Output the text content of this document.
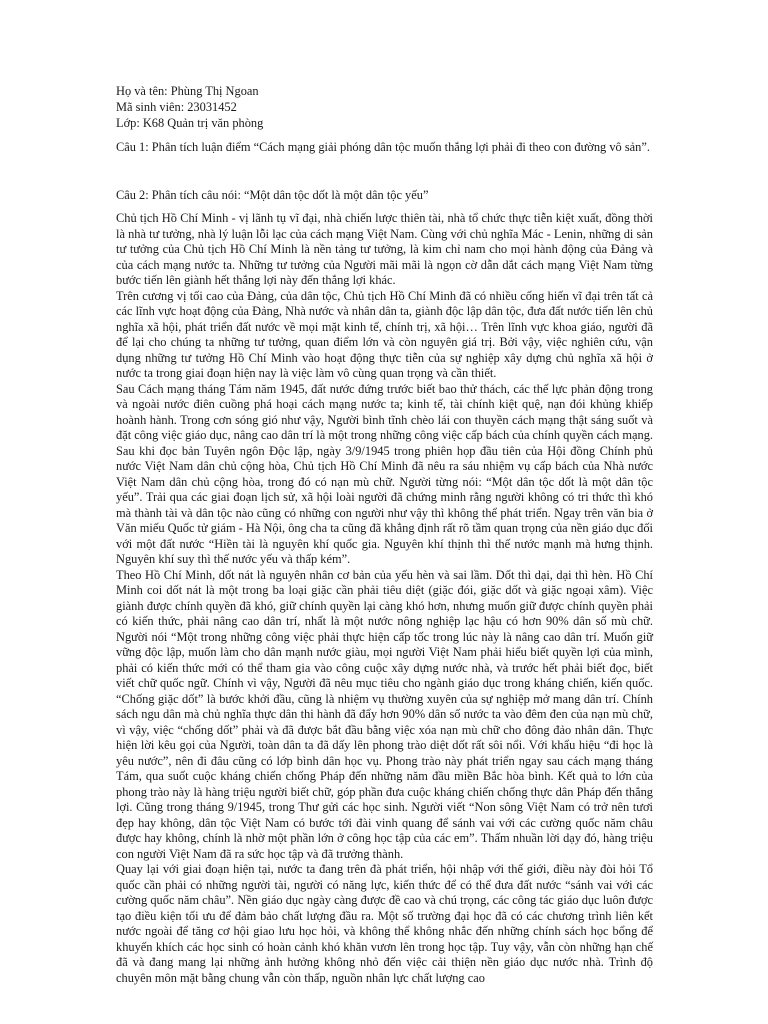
Họ và tên: Phùng Thị Ngoan
Mã sinh viên: 23031452
Lớp: K68 Quản trị văn phòng
Câu 1: Phân tích luận điểm “Cách mạng giải phóng dân tộc muốn thắng lợi phải đi theo con đường vô sản”.
Câu 2: Phân tích câu nói: “Một dân tộc dốt là một dân tộc yếu”

Chủ tịch Hồ Chí Minh - vị lãnh tụ vĩ đại, nhà chiến lược thiên tài, nhà tổ chức thực tiễn kiệt xuất, đồng thời là nhà tư tưởng, nhà lý luận lỗi lạc của cách mạng Việt Nam. Cùng với chủ nghĩa Mác - Lenin, những di sản tư tưởng của Chủ tịch Hồ Chí Minh là nền tảng tư tưởng, là kim chỉ nam cho mọi hành động của Đảng và của cách mạng nước ta. Những tư tưởng của Người mãi mãi là ngọn cờ dẫn dắt cách mạng Việt Nam từng bước tiến lên giành hết thắng lợi này đến thắng lợi khác.

Trên cương vị tối cao của Đảng, của dân tộc, Chủ tịch Hồ Chí Minh đã có nhiều cống hiến vĩ đại trên tất cả các lĩnh vực hoạt động của Đảng, Nhà nước và nhân dân ta, giành độc lập dân tộc, đưa đất nước tiến lên chủ nghĩa xã hội, phát triển đất nước về mọi mặt kinh tế, chính trị, xã hội… Trên lĩnh vực khoa giáo, người đã để lại cho chúng ta những tư tưởng, quan điểm lớn và còn nguyên giá trị. Bởi vậy, việc nghiên cứu, vận dụng những tư tưởng Hồ Chí Minh vào hoạt động thực tiễn của sự nghiệp xây dựng chủ nghĩa xã hội ở nước ta trong giai đoạn hiện nay là việc làm vô cùng quan trọng và cần thiết.

Sau Cách mạng tháng Tám năm 1945, đất nước đứng trước biết bao thử thách, các thế lực phản động trong và ngoài nước điên cuồng phá hoại cách mạng nước ta; kinh tế, tài chính kiệt quệ, nạn đói khủng khiếp hoành hành. Trong cơn sóng gió như vậy, Người bình tĩnh chèo lái con thuyền cách mạng thật sáng suốt và đặt công việc giáo dục, nâng cao dân trí là một trong những công việc cấp bách của chính quyền cách mạng. Sau khi đọc bản Tuyên ngôn Độc lập, ngày 3/9/1945 trong phiên họp đầu tiên của Hội đồng Chính phủ nước Việt Nam dân chủ cộng hòa, Chủ tịch Hồ Chí Minh đã nêu ra sáu nhiệm vụ cấp bách của Nhà nước Việt Nam dân chủ cộng hòa, trong đó có nạn mù chữ. Người từng nói: “Một dân tộc dốt là một dân tộc yếu”. Trải qua các giai đoạn lịch sử, xã hội loài người đã chứng minh rằng người không có tri thức thì khó mà thành tài và dân tộc nào cũng có những con người như vậy thì không thể phát triển. Ngay trên văn bia ở Văn miếu Quốc tử giám - Hà Nội, ông cha ta cũng đã khẳng định rất rõ tầm quan trọng của nền giáo dục đối với một đất nước “Hiền tài là nguyên khí quốc gia. Nguyên khí thịnh thì thế nước mạnh mà hưng thịnh. Nguyên khí suy thì thế nước yếu và thấp kém”.

Theo Hồ Chí Minh, dốt nát là nguyên nhân cơ bản của yếu hèn và sai lầm. Dốt thì dại, dại thì hèn. Hồ Chí Minh coi dốt nát là một trong ba loại giặc cần phải tiêu diệt (giặc đói, giặc dốt và giặc ngoại xâm). Việc giành được chính quyền đã khó, giữ chính quyền lại càng khó hơn, nhưng muốn giữ được chính quyền phải có kiến thức, phải nâng cao dân trí, nhất là một nước nông nghiệp lạc hậu có hơn 90% dân số mù chữ. Người nói “Một trong những công việc phải thực hiện cấp tốc trong lúc này là nâng cao dân trí. Muốn giữ vững độc lập, muốn làm cho dân mạnh nước giàu, mọi người Việt Nam phải hiểu biết quyền lợi của mình, phải có kiến thức mới có thể tham gia vào công cuộc xây dựng nước nhà, và trước hết phải biết đọc, biết viết chữ quốc ngữ. Chính vì vậy, Người đã nêu mục tiêu cho ngành giáo dục trong kháng chiến, kiến quốc. “Chống giặc dốt” là bước khởi đầu, cũng là nhiệm vụ thường xuyên của sự nghiệp mở mang dân trí. Chính sách ngu dân mà chủ nghĩa thực dân thi hành đã đẩy hơn 90% dân số nước ta vào đêm đen của nạn mù chữ, vì vậy, việc “chống dốt” phải và đã được bắt đầu bằng việc xóa nạn mù chữ cho đông đảo nhân dân. Thực hiện lời kêu gọi của Người, toàn dân ta đã dấy lên phong trào diệt dốt rất sôi nổi. Với khẩu hiệu “đi học là yêu nước”, nên đi đâu cũng có lớp bình dân học vụ. Phong trào này phát triển ngay sau cách mạng tháng Tám, qua suốt cuộc kháng chiến chống Pháp đến những năm đầu miền Bắc hòa bình. Kết quả to lớn của phong trào này là hàng triệu người biết chữ, góp phần đưa cuộc kháng chiến chống thực dân Pháp đến thắng lợi. Cũng trong tháng 9/1945, trong Thư gửi các học sinh. Người viết “Non sông Việt Nam có trở nên tươi đẹp hay không, dân tộc Việt Nam có bước tới đài vinh quang để sánh vai với các cường quốc năm châu được hay không, chính là nhờ một phần lớn ở công học tập của các em”. Thấm nhuần lời dạy đó, hàng triệu con người Việt Nam đã ra sức học tập và đã trưởng thành.

Quay lại với giai đoạn hiện tại, nước ta đang trên đà phát triển, hội nhập với thế giới, điều này đòi hỏi Tổ quốc cần phải có những người tài, người có năng lực, kiến thức để có thể đưa đất nước “sánh vai với các cường quốc năm châu”. Nền giáo dục ngày càng được đề cao và chú trọng, các công tác giáo dục luôn được tạo điều kiện tối ưu để đảm bảo chất lượng đầu ra. Một số trường đại học đã có các chương trình liên kết nước ngoài để tăng cơ hội giao lưu học hỏi, và không thể không nhắc đến những chính sách học bổng để khuyến khích các học sinh có hoàn cảnh khó khăn vươn lên trong học tập. Tuy vậy, vẫn còn những hạn chế đã và đang mang lại những ảnh hưởng không nhỏ đến việc cải thiện nền giáo dục nước nhà. Trình độ chuyên môn mặt bằng chung vẫn còn thấp, nguồn nhân lực chất lượng cao
